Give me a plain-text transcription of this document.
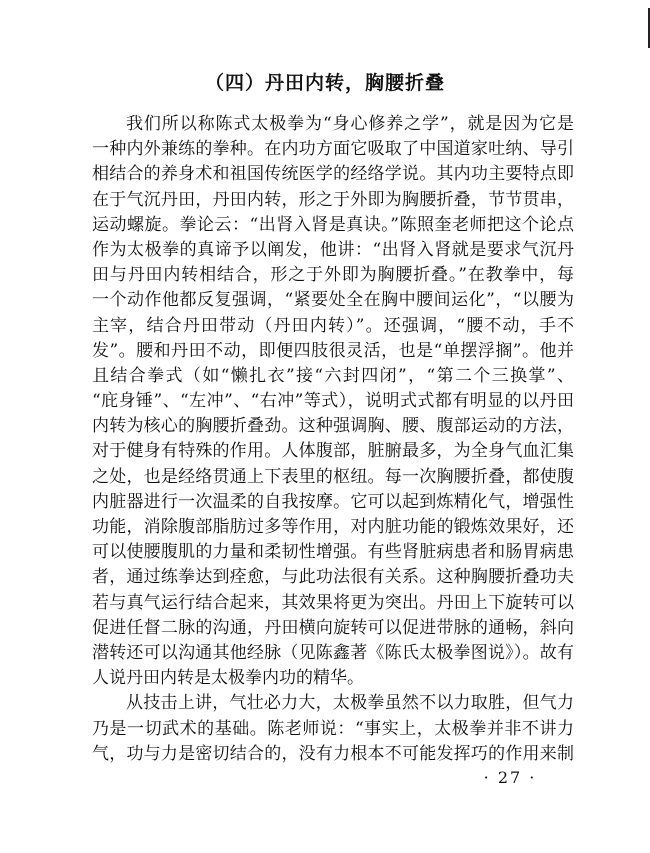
（四）丹田内转，胸腰折叠
我们所以称陈式太极拳为“身心修养之学”，就是因为它是
一种内外兼练的拳种。在内功方面它吸取了中国道家吐纳、导引
相结合的养身术和祖国传统医学的经络学说。其内功主要特点即
在于气沉丹田，丹田内转，形之于外即为胸腰折叠，节节贯串，
运动螺旋。拳论云：“出肾入肾是真诀。”陈照奎老师把这个论点
作为太极拳的真谛予以阐发，他讲：“出肾入肾就是要求气沉丹
田与丹田内转相结合，形之于外即为胸腰折叠。”在教拳中，每
一个动作他都反复强调，“紧要处全在胸中腰间运化”，“以腰为
主宰，结合丹田带动（丹田内转）”。还强调，“腰不动，手不
发”。腰和丹田不动，即便四肢很灵活，也是“单摆浮搁”。他并
且结合拳式（如“懒扎衣”接“六封四闭”，“第二个三换掌”、
“庇身锤”、“左冲”、“右冲”等式），说明式式都有明显的以丹田
内转为核心的胸腰折叠劲。这种强调胸、腰、腹部运动的方法，
对于健身有特殊的作用。人体腹部，脏腑最多，为全身气血汇集
之处，也是经络贯通上下表里的枢纽。每一次胸腰折叠，都使腹
内脏器进行一次温柔的自我按摩。它可以起到炼精化气，增强性
功能，消除腹部脂肪过多等作用，对内脏功能的锻炼效果好，还
可以使腰腹肌的力量和柔韧性增强。有些肾脏病患者和肠胃病患
者，通过练拳达到痊愈，与此功法很有关系。这种胸腰折叠功夫
若与真气运行结合起来，其效果将更为突出。丹田上下旋转可以
促进任督二脉的沟通，丹田横向旋转可以促进带脉的通畅，斜向
潜转还可以沟通其他经脉（见陈鑫著《陈氏太极拳图说》）。故有
人说丹田内转是太极拳内功的精华。
从技击上讲，气壮必力大，太极拳虽然不以力取胜，但气力
乃是一切武术的基础。陈老师说：“事实上，太极拳并非不讲力
气，功与力是密切结合的，没有力根本不可能发挥巧的作用来制
· 27 ·
